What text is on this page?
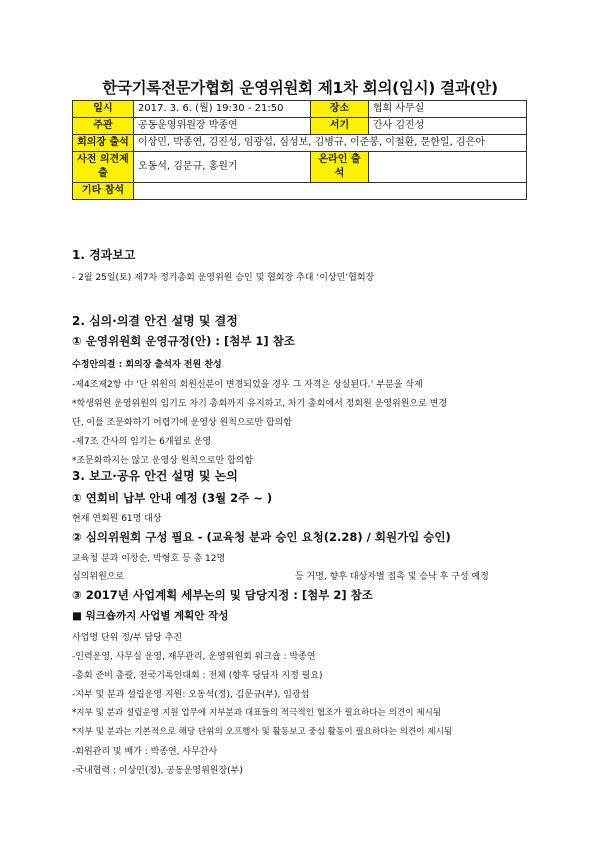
한국기록전문가협회 운영위원회 제1차 회의(임시) 결과(안)
일시	2017. 3. 6. (월) 19:30 - 21:50	장소	협회 사무실
주관	공동운영위원장 박종연	서기	간사 김진성
회의장 출석	이상민, 박종연, 김진성, 임광섭, 심성보, 김병규, 이준봉, 이철환, 문한일, 김은아		
사전 의견제출	오동석, 김문규, 홍원기	온라인 출석	
기타 참석			
1. 경과보고
- 2월 25일(토) 제7차 정기총회 운영위원 승인 및 협회장 추대 ‘이상민’협회장
2. 심의·의결 안건 설명 및 결정
① 운영위원회 운영규정(안) : [첨부 1] 참조
수정안의결 : 회의장 출석자 전원 찬성
-제4조제2항 中 ‘단 위원의 회원신분이 변경되었을 경우 그 자격은 상실된다.’ 부분을 삭제
*학생위원 운영위원의 임기도 차기 총회까지 유지하고, 차기 총회에서 정회원 운영위원으로 변경
단, 이를 조문화하기 어렵기에 운영상 원칙으로만 합의함
-제7조 간사의 임기는 6개월로 운영
*조문화하지는 않고 운영상 원칙으로만 합의함
3. 보고·공유 안건 설명 및 논의
① 연회비 납부 안내 예정 (3월 2주 ~ )
현재 연회원 61명 대상
② 심의위원회 구성 필요 - (교육청 분과 승인 요청(2.28) / 회원가입 승인)
교육청 분과 이창순, 박형호 등 총 12명
심의위원으로	등 거명, 향후 대상자별 접촉 및 승낙 후 구성 예정
③ 2017년 사업계획 세부논의 및 담당지정 : [첨부 2] 참조
■ 워크숍까지 사업별 계획안 작성
사업명 단위 정/부 담당 추진
-인력운영, 사무실 운영, 재무관리, 운영위원회 워크숍 : 박종연
-총회 준비 총괄, 전국기록인대회 : 전체 (향후 당담자 지정 필요)
-지부 및 분과 설립운영 지원: 오동석(정), 김문규(부), 임광섭
*지부 및 분과 설립운영 지원 업무에 지부분과 대표들의 적극적인 협조가 필요하다는 의견이 제시됨
*지부 및 분과는 기본적으로 해당 단위의 오프행사 및 활동보고 중심 활동이 필요하다는 의견이 제시됨
-회원관리 및 배가 : 박종연, 사무간사
-국내협력 : 이상민(정), 공동운영위원장(부)
